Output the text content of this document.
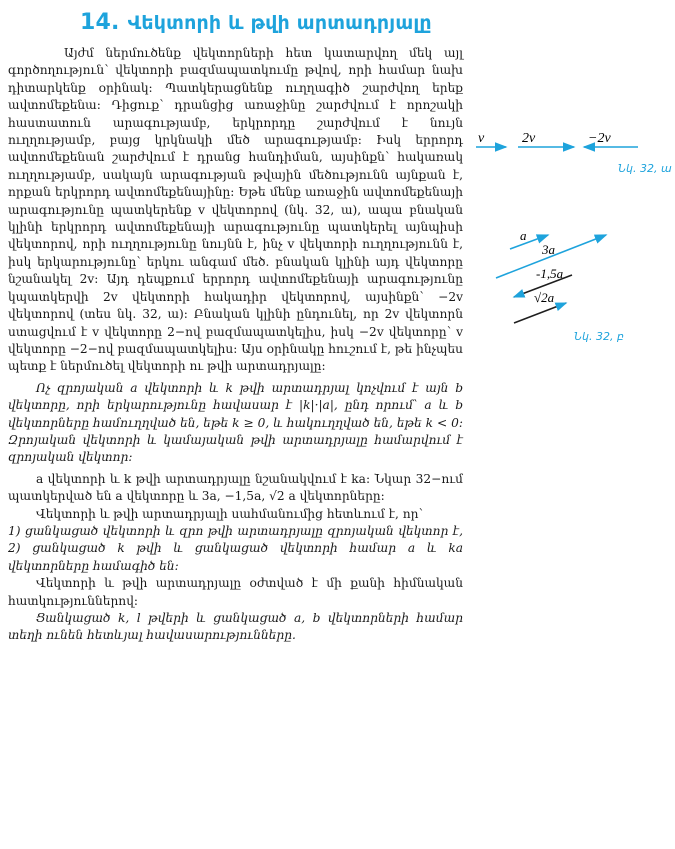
14. Վեկտորի և թվի արտադրյալը

Այժմ ներմուծենք վեկտորների հետ կատարվող մեկ այլ գործողություն՝ վեկտորի բազմապատկումը թվով, որի համար նախ դիտարկենք օրինակ: Պատկերացնենք ուղղագիծ շարժվող երեք ավտոմեքենա: Դիցուք՝ դրանցից առաջինը շարժվում է որոշակի հաստատուն արագությամբ, երկրորդը շարժվում է նույն ուղղությամբ, բայց կրկնակի մեծ արագությամբ: Իսկ երրորդ ավտոմեքենան շարժվում է դրանց հանդիման, այսինքն՝ հակառակ ուղղությամբ, սակայն արագության թվային մեծությունն այնքան է, որքան երկրորդ ավտոմեքենայինը: Եթե մենք առաջին ավտոմեքենայի արագությունը պատկերենք v վեկտորով (նկ. 32, ա), ապա բնական կլինի երկրորդ ավտոմեքենայի արագությունը պատկերել այնպիսի վեկտորով, որի ուղղությունը նույնն է, ինչ v վեկտորի ուղղությունն է, իսկ երկարությունը՝ երկու անգամ մեծ. բնական կլինի այդ վեկտորը նշանակել 2v: Այդ դեպքում երրորդ ավտոմեքենայի արագությունը կպատկերվի 2v վեկտորի հակադիր վեկտորով, այսինքն՝ −2v վեկտորով (տես նկ. 32, ա): Բնական կլինի ընդունել, որ 2v վեկտորն ստացվում է v վեկտորը 2−ով բազմապատկելիս, իսկ −2v վեկտորը՝ v վեկտորը −2−ով բազմապատկելիս: Այս օրինակը հուշում է, թե ինչպես պետք է ներմուծել վեկտորի ու թվի արտադրյալը:

Ոչ զրոյական a վեկտորի և k թվի արտադրյալ կոչվում է այն b վեկտորը, որի երկարությունը հավասար է |k|·|a|, ընդ որում՝ a և b վեկտորները համուղղված են, եթե k ≥ 0, և հակուղղված են, եթե k < 0: Զրոյական վեկտորի և կամայական թվի արտադրյալը համարվում է զրոյական վեկտոր:

a վեկտորի և k թվի արտադրյալը նշանակվում է ka: Նկար 32−ում պատկերված են a վեկտորը և 3a, −1,5a, √2 a վեկտորները:

Վեկտորի և թվի արտադրյալի սահմանումից հետևում է, որ՝

1) ցանկացած վեկտորի և զրո թվի արտադրյալը զրոյական վեկտոր է, 2) ցանկացած k թվի և ցանկացած վեկտորի համար a և ka վեկտորները համագիծ են:

Վեկտորի և թվի արտադրյալը օժտված է մի քանի հիմնական հատկություններով:

Ցանկացած k, l թվերի և ցանկացած a, b վեկտորների համար տեղի ունեն հետևյալ հավասարությունները.

v	2v	−2v
Նկ. 32, ա
a
3a
-1,5a
√2a
Նկ. 32, բ
